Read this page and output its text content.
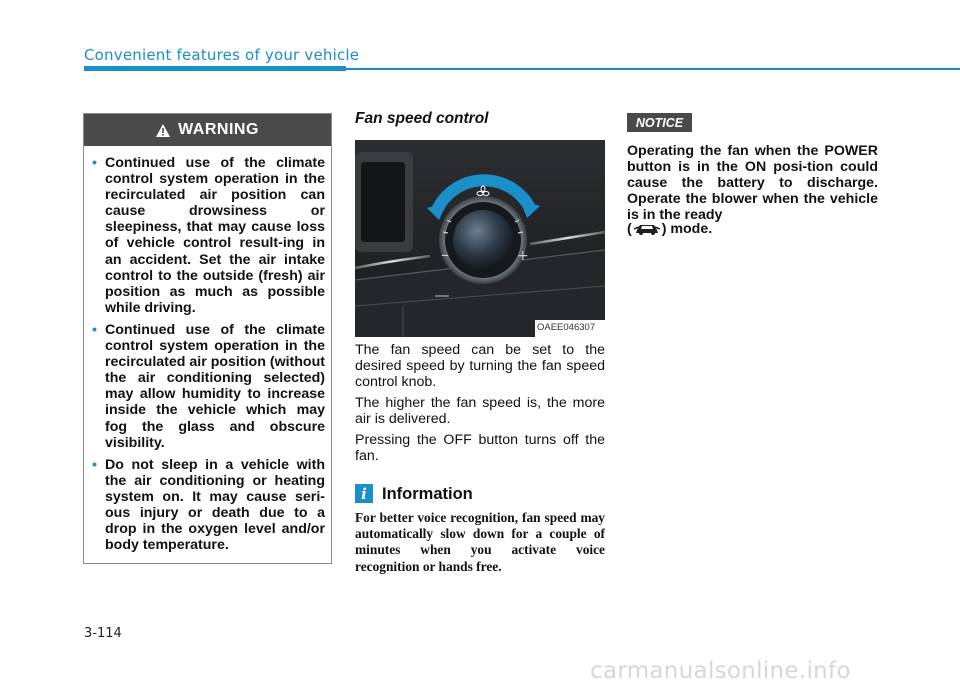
Convenient features of your vehicle
WARNING
• Continued use of the climate control system operation in the recirculated air position can cause drowsiness or sleepiness, that may cause loss of vehicle control result-ing in an accident. Set the air intake control to the outside (fresh) air position as much as possible while driving.
• Continued use of the climate control system operation in the recirculated air position (without the air conditioning selected) may allow humidity to increase inside the vehicle which may fog the glass and obscure visibility.
• Do not sleep in a vehicle with the air conditioning or heating system on. It may cause seri-ous injury or death due to a drop in the oxygen level and/or body temperature.
Fan speed control
–	+
OAEE046307
The fan speed can be set to the desired speed by turning the fan speed control knob.
The higher the fan speed is, the more air is delivered.
Pressing the OFF button turns off the fan.
i Information
For better voice recognition, fan speed may automatically slow down for a couple of minutes when you activate voice recognition or hands free.
NOTICE
Operating the fan when the POWER button is in the ON posi-tion could cause the battery to discharge. Operate the blower when the vehicle is in the ready
( ) mode.
3-114
carmanualsonline.info
